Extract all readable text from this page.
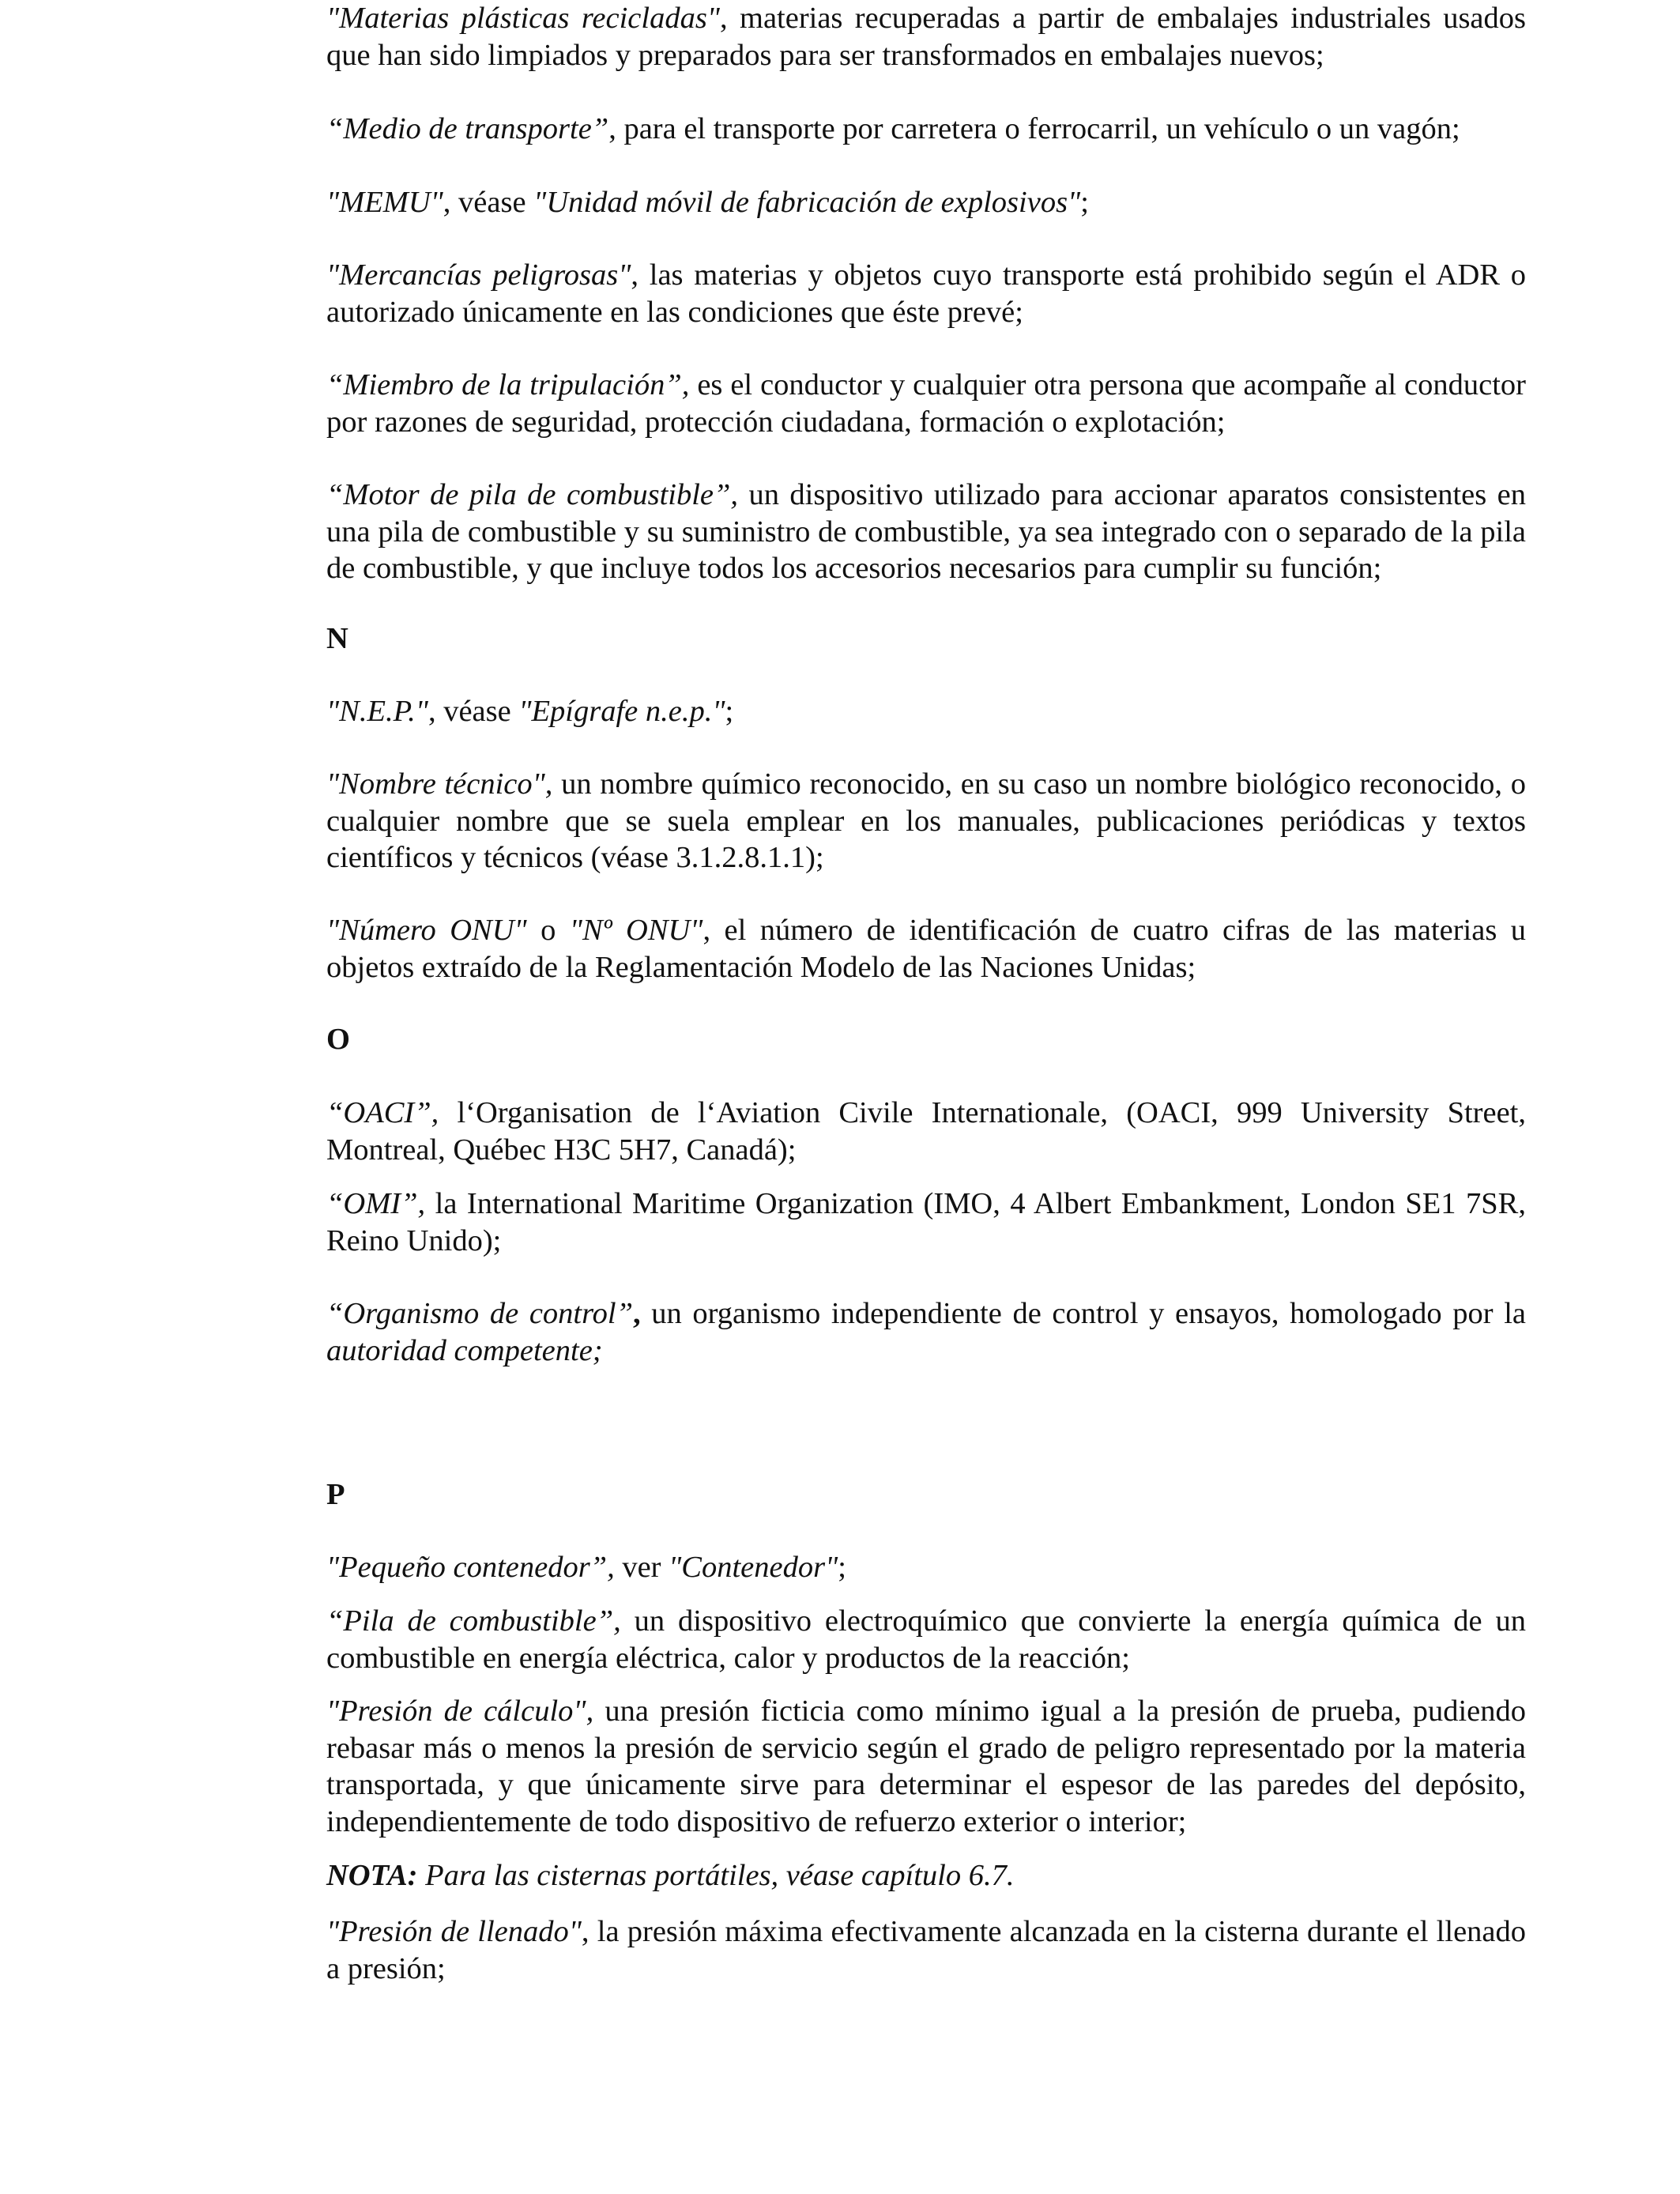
"Materias plásticas recicladas", materias recuperadas a partir de embalajes industriales usados que han sido limpiados y preparados para ser transformados en embalajes nuevos;

“Medio de transporte”, para el transporte por carretera o ferrocarril, un vehículo o un vagón;

"MEMU", véase "Unidad móvil de fabricación de explosivos";

"Mercancías peligrosas", las materias y objetos cuyo transporte está prohibido según el ADR o autorizado únicamente en las condiciones que éste prevé;

“Miembro de la tripulación”, es el conductor y cualquier otra persona que acompañe al conductor por razones de seguridad, protección ciudadana, formación o explotación;

“Motor de pila de combustible”, un dispositivo utilizado para accionar aparatos consistentes en una pila de combustible y su suministro de combustible, ya sea integrado con o separado de la pila de combustible, y que incluye todos los accesorios necesarios para cumplir su función;

N

"N.E.P.", véase "Epígrafe n.e.p.";

"Nombre técnico", un nombre químico reconocido, en su caso un nombre biológico reconocido, o cualquier nombre que se suela emplear en los manuales, publicaciones periódicas y textos científicos y técnicos (véase 3.1.2.8.1.1);

"Número ONU" o "Nº ONU", el número de identificación de cuatro cifras de las materias u objetos extraído de la Reglamentación Modelo de las Naciones Unidas;

O

“OACI”, l‘Organisation de l‘Aviation Civile Internationale, (OACI, 999 University Street, Montreal, Québec H3C 5H7, Canadá);

“OMI”, la International Maritime Organization (IMO, 4 Albert Embankment, London SE1 7SR, Reino Unido);

“Organismo de control”, un organismo independiente de control y ensayos, homologado por la autoridad competente;

P

"Pequeño contenedor”, ver "Contenedor";

“Pila de combustible”, un dispositivo electroquímico que convierte la energía química de un combustible en energía eléctrica, calor y productos de la reacción;

"Presión de cálculo", una presión ficticia como mínimo igual a la presión de prueba, pudiendo rebasar más o menos la presión de servicio según el grado de peligro representado por la materia transportada, y que únicamente sirve para determinar el espesor de las paredes del depósito, independientemente de todo dispositivo de refuerzo exterior o interior;

NOTA: Para las cisternas portátiles, véase capítulo 6.7.

"Presión de llenado", la presión máxima efectivamente alcanzada en la cisterna durante el llenado a presión;
